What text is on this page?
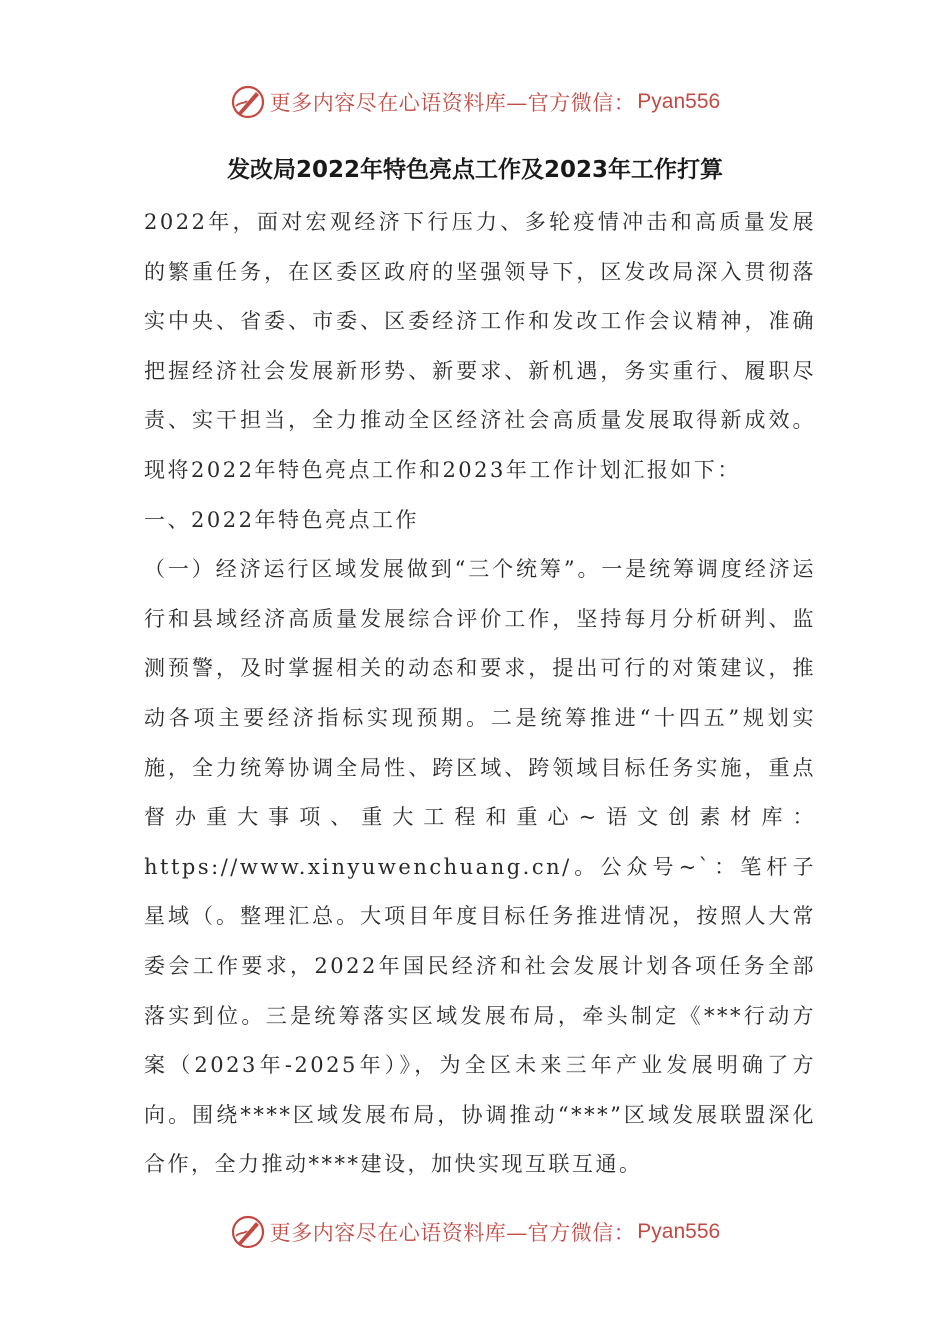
更多内容尽在心语资料库—官方微信： Pyan556
发改局2022年特色亮点工作及2023年工作打算

2022年，面对宏观经济下行压力、多轮疫情冲击和高质量发展的繁重任务，在区委区政府的坚强领导下，区发改局深入贯彻落实中央、省委、市委、区委经济工作和发改工作会议精神，准确把握经济社会发展新形势、新要求、新机遇，务实重行、履职尽责、实干担当，全力推动全区经济社会高质量发展取得新成效。现将2022年特色亮点工作和2023年工作计划汇报如下：

一、2022年特色亮点工作

（一）经济运行区域发展做到“三个统筹”。一是统筹调度经济运行和县域经济高质量发展综合评价工作，坚持每月分析研判、监测预警，及时掌握相关的动态和要求，提出可行的对策建议，推动各项主要经济指标实现预期。二是统筹推进“十四五”规划实施，全力统筹协调全局性、跨区域、跨领域目标任务实施，重点督办重大事项、重大工程和重心~语文创素材库：https://www.xinyuwenchuang.cn/。公众号~`：笔杆子星域（。整理汇总。大项目年度目标任务推进情况，按照人大常委会工作要求，2022年国民经济和社会发展计划各项任务全部落实到位。三是统筹落实区域发展布局，牵头制定《***行动方案（2023年-2025年）》，为全区未来三年产业发展明确了方向。围绕****区域发展布局，协调推动“***”区域发展联盟深化合作，全力推动****建设，加快实现互联互通。

更多内容尽在心语资料库—官方微信： Pyan556
